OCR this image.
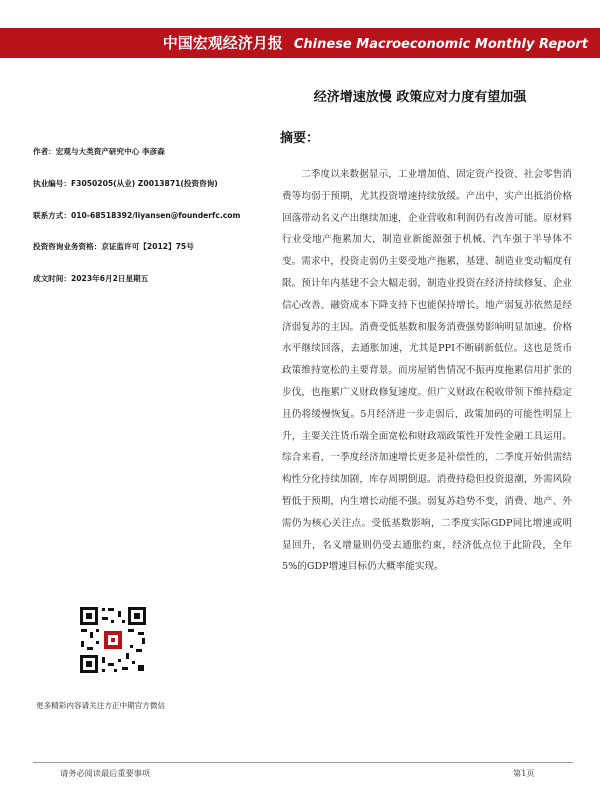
中国宏观经济月报 Chinese Macroeconomic Monthly Report
经济增速放慢 政策应对力度有望加强
作者：宏观与大类资产研究中心 李彦森
执业编号：F3050205(从业) Z0013871(投资咨询)
联系方式：010-68518392/liyansen@founderfc.com
投资咨询业务资格：京证监许可【2012】75号
成文时间：2023年6月2日星期五
摘要：

二季度以来数据显示，工业增加值、固定资产投资、社会零售消费等均弱于预期，尤其投资增速持续放缓。产出中，实产出抵消价格回落带动名义产出继续加速，企业营收和利润仍有改善可能。原材料行业受地产拖累加大，制造业新能源强于机械、汽车强于半导体不变。需求中，投资走弱仍主要受地产拖累，基建、制造业变动幅度有限。预计年内基建不会大幅走弱，制造业投资在经济持续修复、企业信心改善、融资成本下降支持下也能保持增长。地产弱复苏依然是经济弱复苏的主因。消费受低基数和服务消费强势影响明显加速。价格水平继续回落，去通胀加速，尤其是PPI不断刷新低位。这也是货币政策维持宽松的主要背景。而房屋销售情况不振再度拖累信用扩张的步伐，也拖累广义财政修复速度。但广义财政在税收带领下维持稳定且仍将缓慢恢复。5月经济进一步走弱后，政策加码的可能性明显上升，主要关注货币端全面宽松和财政端政策性开发性金融工具运用。综合来看，一季度经济加速增长更多是补偿性的，二季度开始供需结构性分化持续加剧，库存周期倒退。消费持稳但投资退潮，外需风险暂低于预期，内生增长动能不强。弱复苏趋势不变，消费、地产、外需仍为核心关注点。受低基数影响，二季度实际GDP同比增速或明显回升，名义增量则仍受去通胀约束，经济低点位于此阶段，全年5%的GDP增速目标仍大概率能实现。

更多精彩内容请关注方正中期官方微信
请务必阅读最后重要事项	第1页
